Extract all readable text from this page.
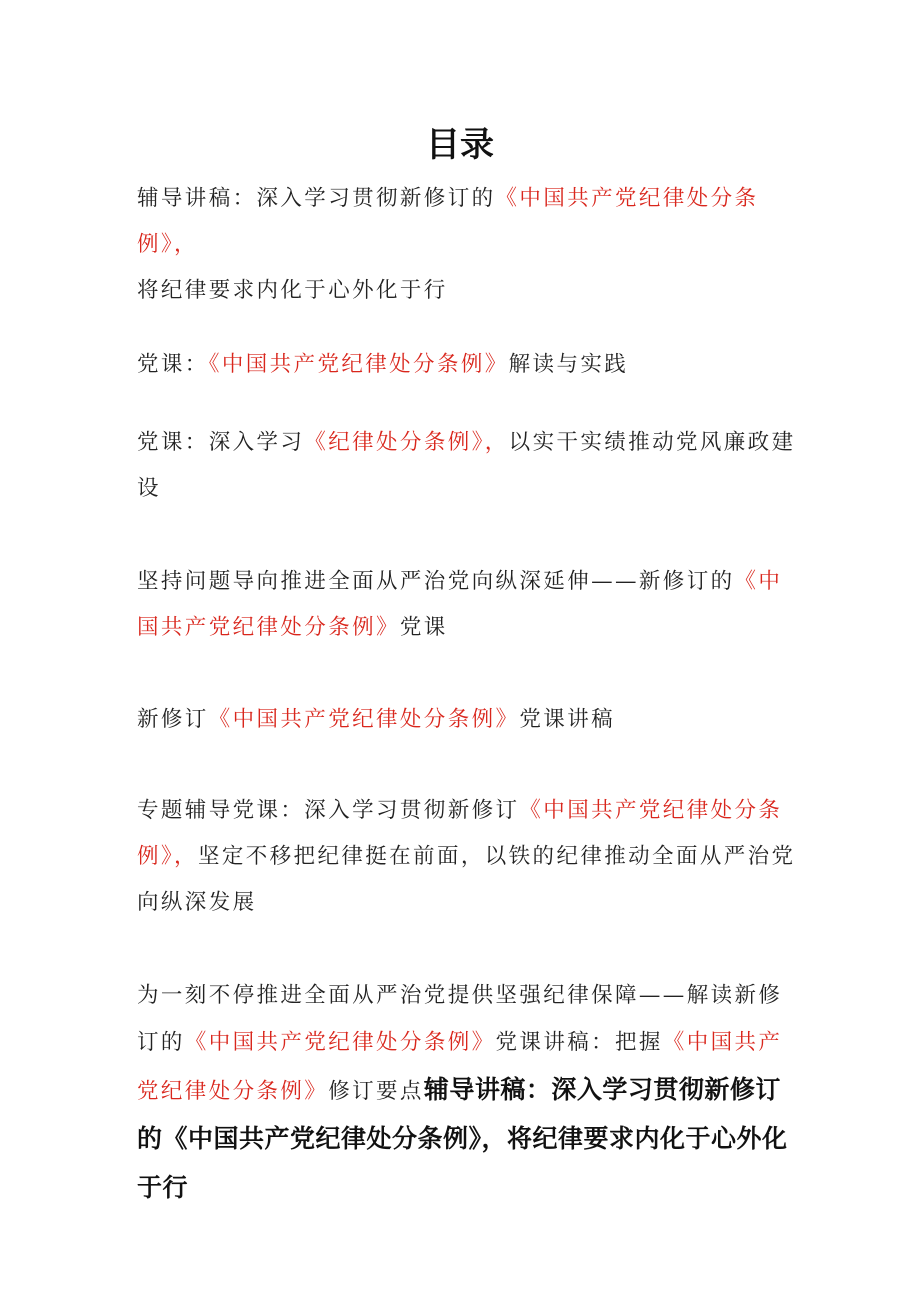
目录
辅导讲稿：深入学习贯彻新修订的《中国共产党纪律处分条例》，
将纪律要求内化于心外化于行
党课：《中国共产党纪律处分条例》解读与实践
党课：深入学习《纪律处分条例》，以实干实绩推动党风廉政建设
坚持问题导向推进全面从严治党向纵深延伸——新修订的《中国共产党纪律处分条例》党课
新修订《中国共产党纪律处分条例》党课讲稿
专题辅导党课：深入学习贯彻新修订《中国共产党纪律处分条例》，坚定不移把纪律挺在前面，以铁的纪律推动全面从严治党向纵深发展
为一刻不停推进全面从严治党提供坚强纪律保障——解读新修订的《中国共产党纪律处分条例》党课讲稿：把握《中国共产党纪律处分条例》修订要点辅导讲稿：深入学习贯彻新修订的《中国共产党纪律处分条例》，将纪律要求内化于心外化于行
